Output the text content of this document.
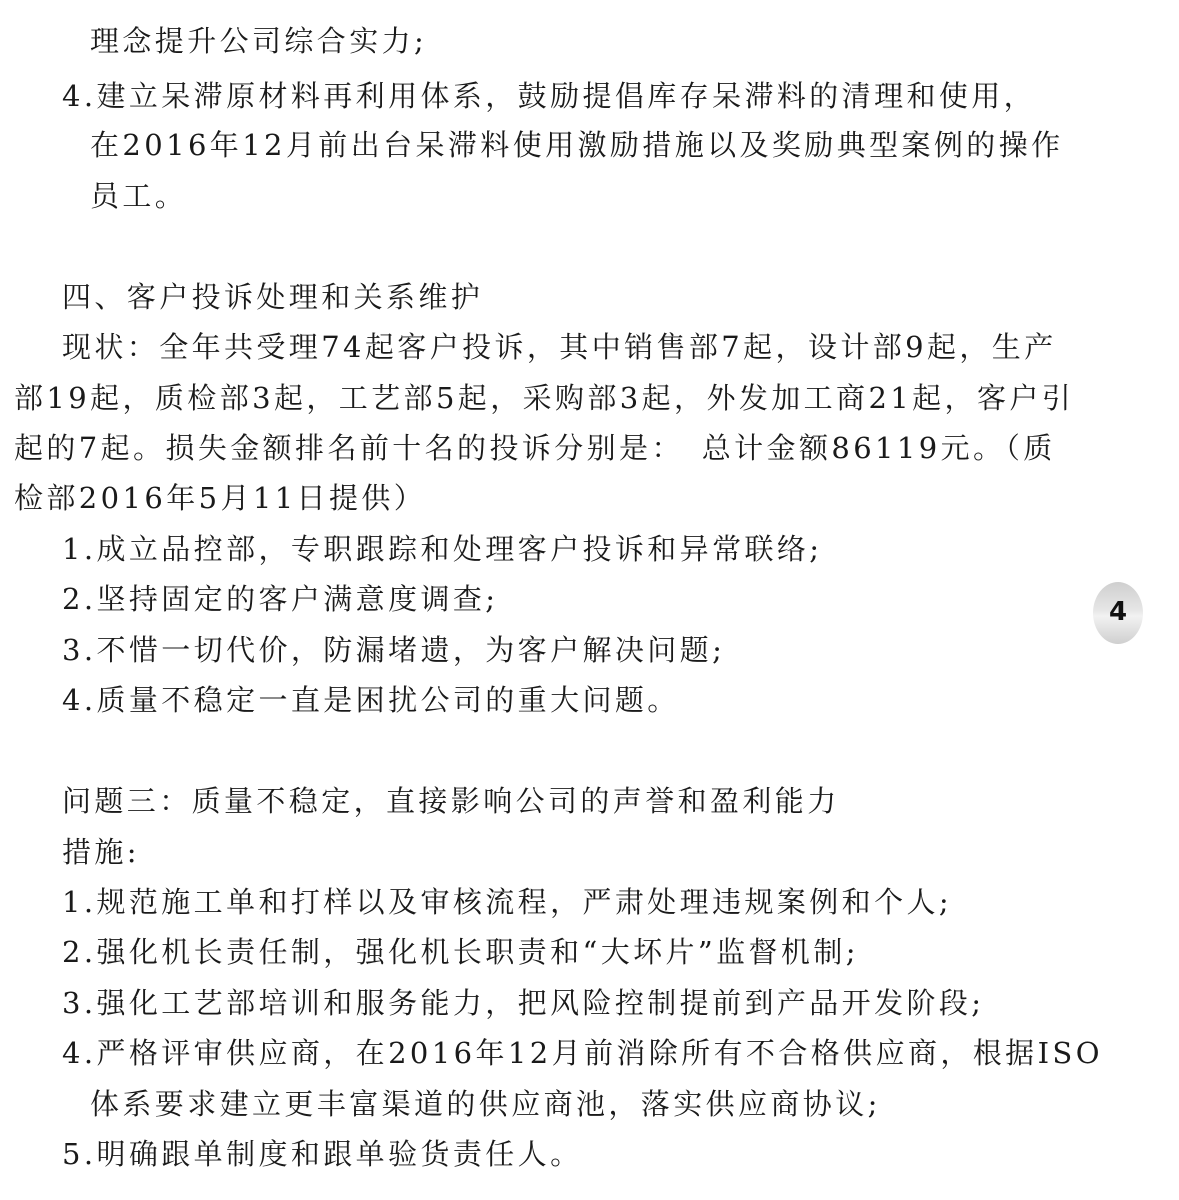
理念提升公司综合实力;
4.建立呆滞原材料再利用体系，鼓励提倡库存呆滞料的清理和使用，
在2016年12月前出台呆滞料使用激励措施以及奖励典型案例的操作
员工。
四、客户投诉处理和关系维护
现状：全年共受理74起客户投诉，其中销售部7起，设计部9起，生产
部19起，质检部3起，工艺部5起，采购部3起，外发加工商21起，客户引
起的7起。损失金额排名前十名的投诉分别是：　总计金额86119元。（质
检部2016年5月11日提供）
1.成立品控部，专职跟踪和处理客户投诉和异常联络;
2.坚持固定的客户满意度调查;
3.不惜一切代价，防漏堵遗，为客户解决问题;
4.质量不稳定一直是困扰公司的重大问题。
问题三：质量不稳定，直接影响公司的声誉和盈利能力
措施:
1.规范施工单和打样以及审核流程，严肃处理违规案例和个人;
2.强化机长责任制，强化机长职责和“大坏片”监督机制;
3.强化工艺部培训和服务能力，把风险控制提前到产品开发阶段;
4.严格评审供应商，在2016年12月前消除所有不合格供应商，根据ISO
体系要求建立更丰富渠道的供应商池，落实供应商协议;
5.明确跟单制度和跟单验货责任人。
4
